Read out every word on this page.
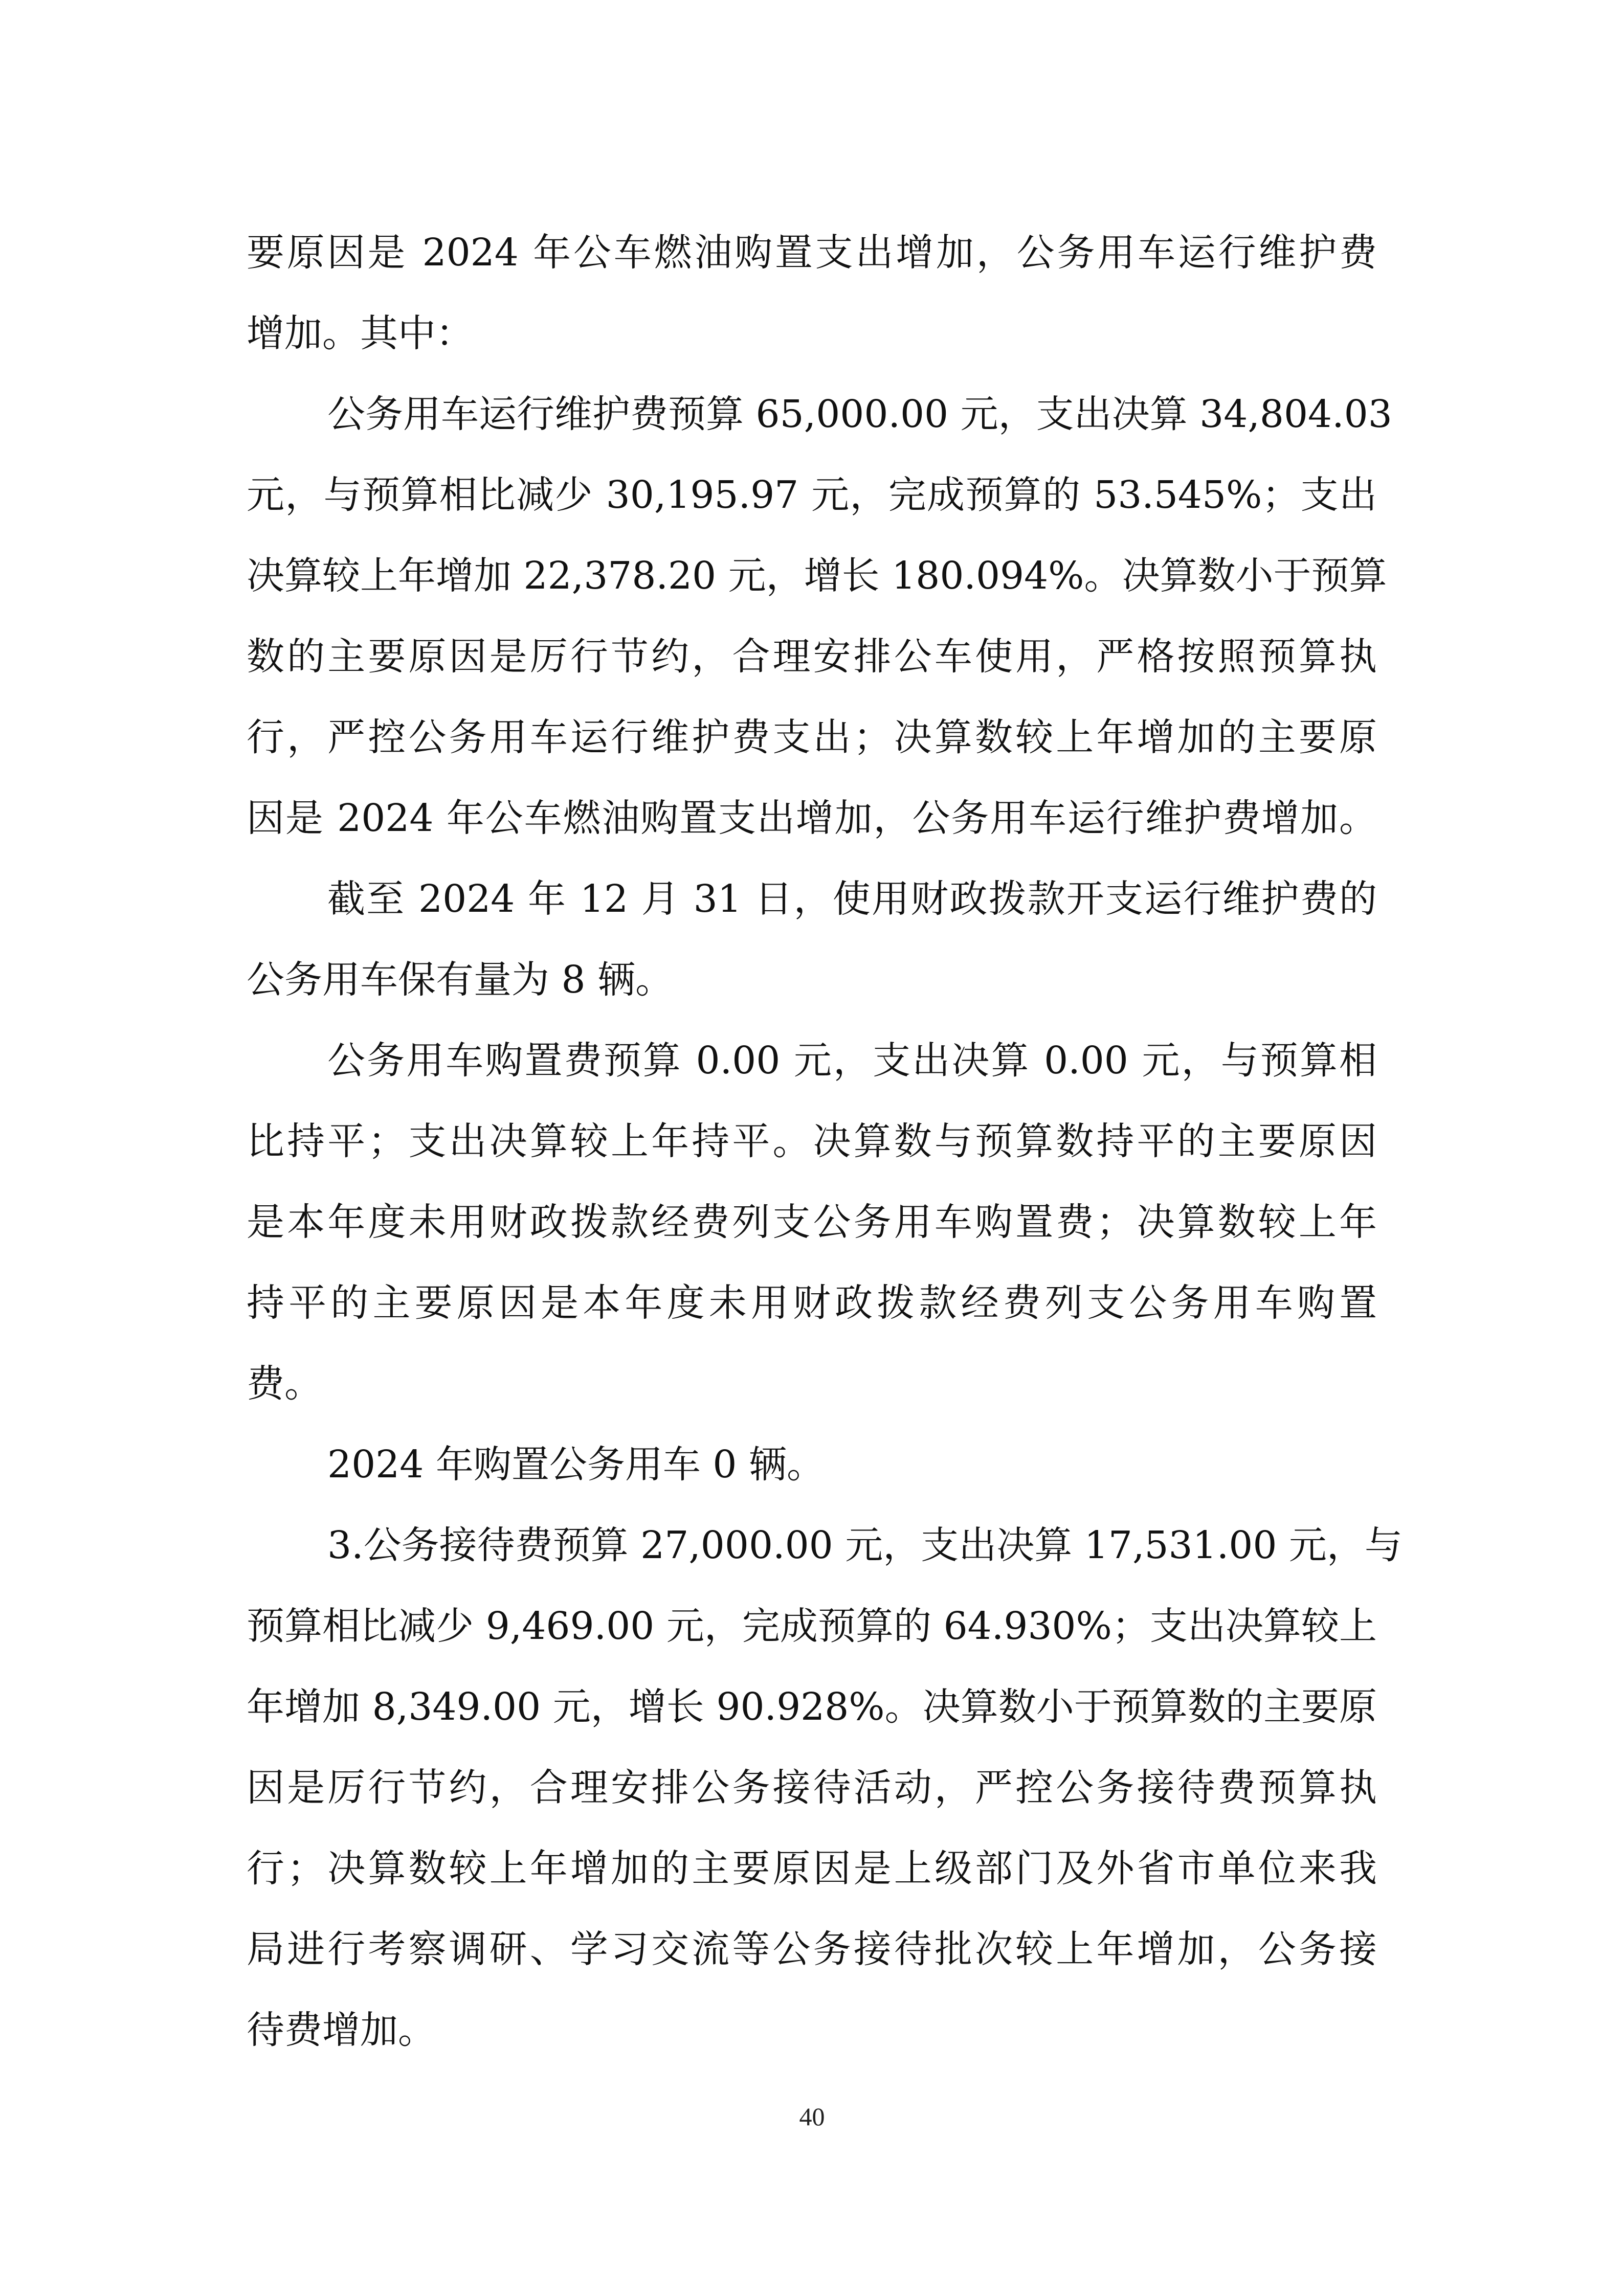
要原因是 2024 年公车燃油购置支出增加，公务用车运行维护费
增加。其中：
公务用车运行维护费预算 65,000.00 元，支出决算 34,804.03
元，与预算相比减少 30,195.97 元，完成预算的 53.545%；支出
决算较上年增加 22,378.20 元，增长 180.094%。决算数小于预算
数的主要原因是厉行节约，合理安排公车使用，严格按照预算执
行，严控公务用车运行维护费支出；决算数较上年增加的主要原
因是 2024 年公车燃油购置支出增加，公务用车运行维护费增加。
截至 2024 年 12 月 31 日，使用财政拨款开支运行维护费的
公务用车保有量为 8 辆。
公务用车购置费预算 0.00 元，支出决算 0.00 元，与预算相
比持平；支出决算较上年持平。决算数与预算数持平的主要原因
是本年度未用财政拨款经费列支公务用车购置费；决算数较上年
持平的主要原因是本年度未用财政拨款经费列支公务用车购置
费。
2024 年购置公务用车 0 辆。
3.公务接待费预算 27,000.00 元，支出决算 17,531.00 元，与
预算相比减少 9,469.00 元，完成预算的 64.930%；支出决算较上
年增加 8,349.00 元，增长 90.928%。决算数小于预算数的主要原
因是厉行节约，合理安排公务接待活动，严控公务接待费预算执
行；决算数较上年增加的主要原因是上级部门及外省市单位来我
局进行考察调研、学习交流等公务接待批次较上年增加，公务接
待费增加。
40
